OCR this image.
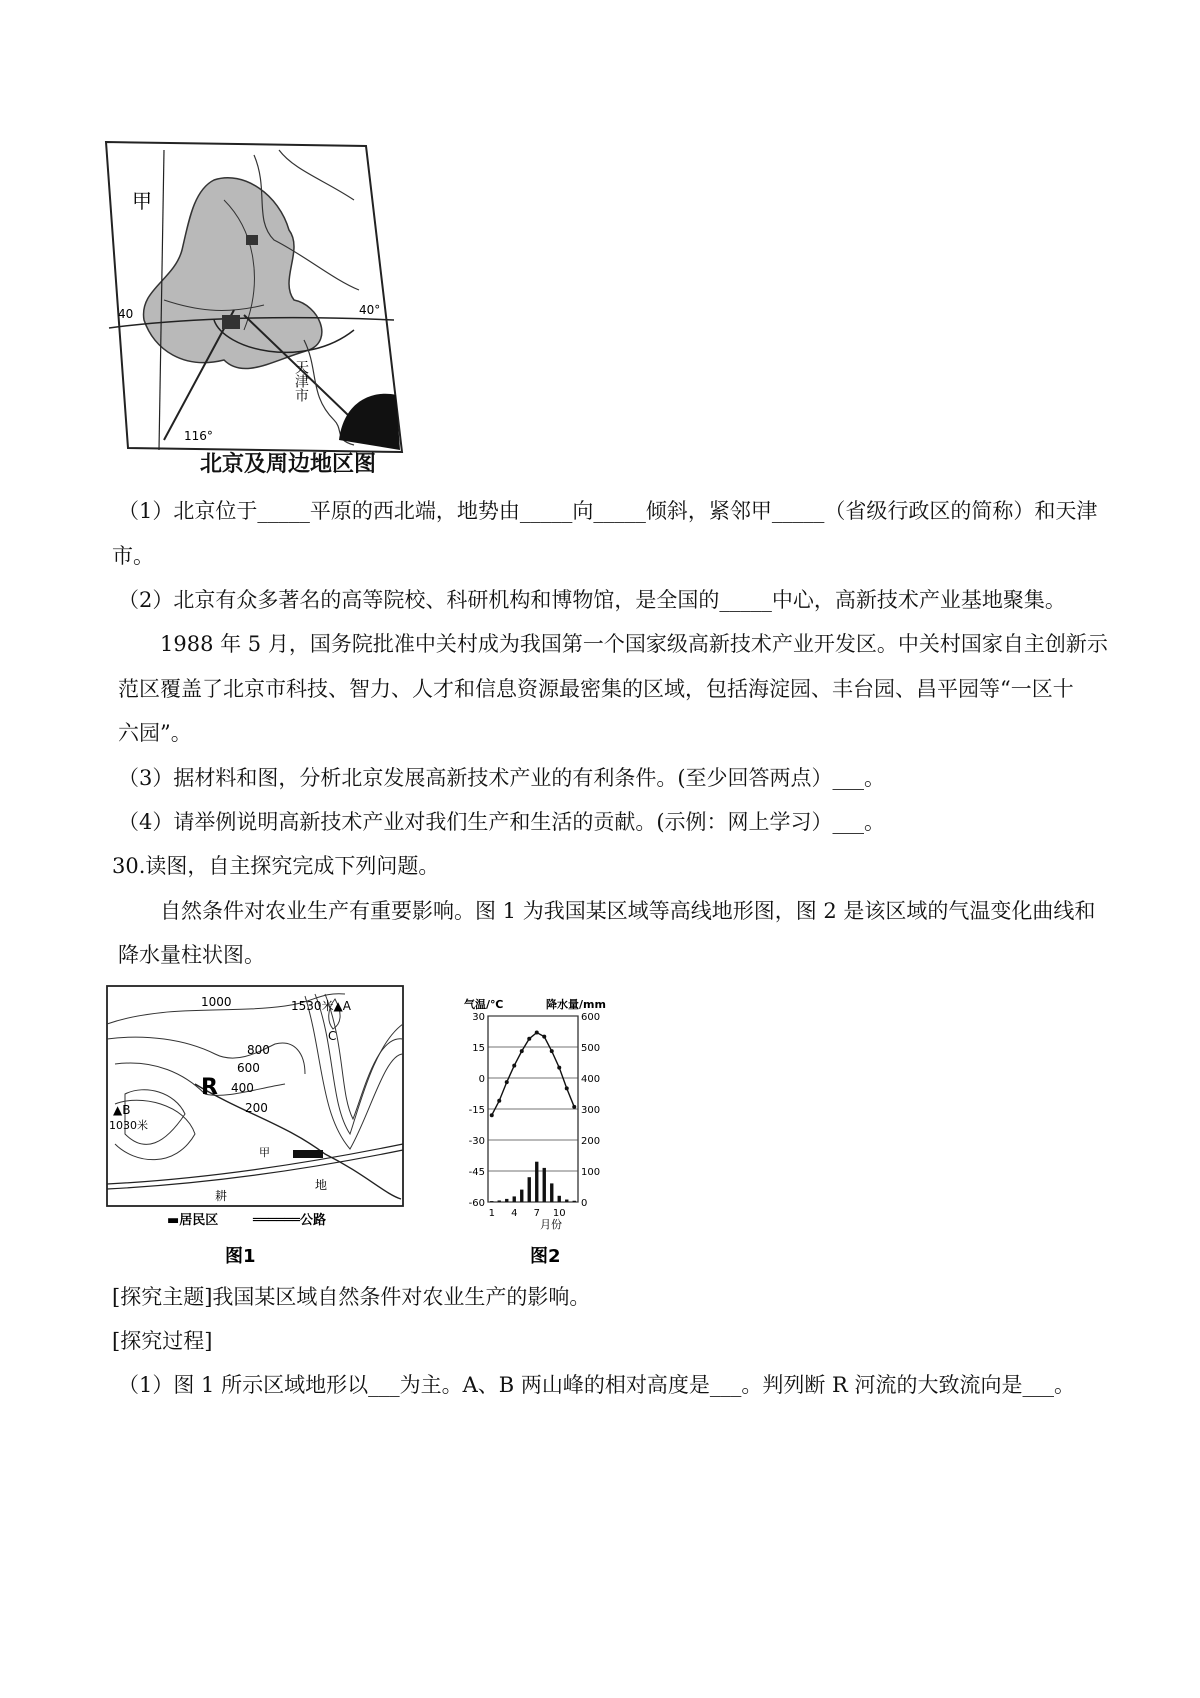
甲
40°
40
116°
天津市
北京及周边地区图
（1）北京位于_____平原的西北端，地势由_____向_____倾斜，紧邻甲_____（省级行政区的简称）和天津
市。
（2）北京有众多著名的高等院校、科研机构和博物馆，是全国的_____中心，高新技术产业基地聚集。
1988 年 5 月，国务院批准中关村成为我国第一个国家级高新技术产业开发区。中关村国家自主创新示
范区覆盖了北京市科技、智力、人才和信息资源最密集的区域，包括海淀园、丰台园、昌平园等“一区十
六园”。
（3）据材料和图，分析北京发展高新技术产业的有利条件。(至少回答两点）___。
（4）请举例说明高新技术产业对我们生产和生活的贡献。(示例：网上学习）___。
30.读图，自主探究完成下列问题。
自然条件对农业生产有重要影响。图 1 为我国某区域等高线地形图，图 2 是该区域的气温变化曲线和
降水量柱状图。
1000
800
600
400
200
1530米▲A
▲B
1030米
C
R
甲
耕
地
▬居民区	══════公路
图1
气温/℃	降水量/mm
30
15
0
-15
-30
-45
-60
600
500
400
300
200
100
0
1 4 7 10
月份
图2
[探究主题]我国某区域自然条件对农业生产的影响。
[探究过程]
（1）图 1 所示区域地形以___为主。A、B 两山峰的相对高度是___。判列断 R 河流的大致流向是___。
